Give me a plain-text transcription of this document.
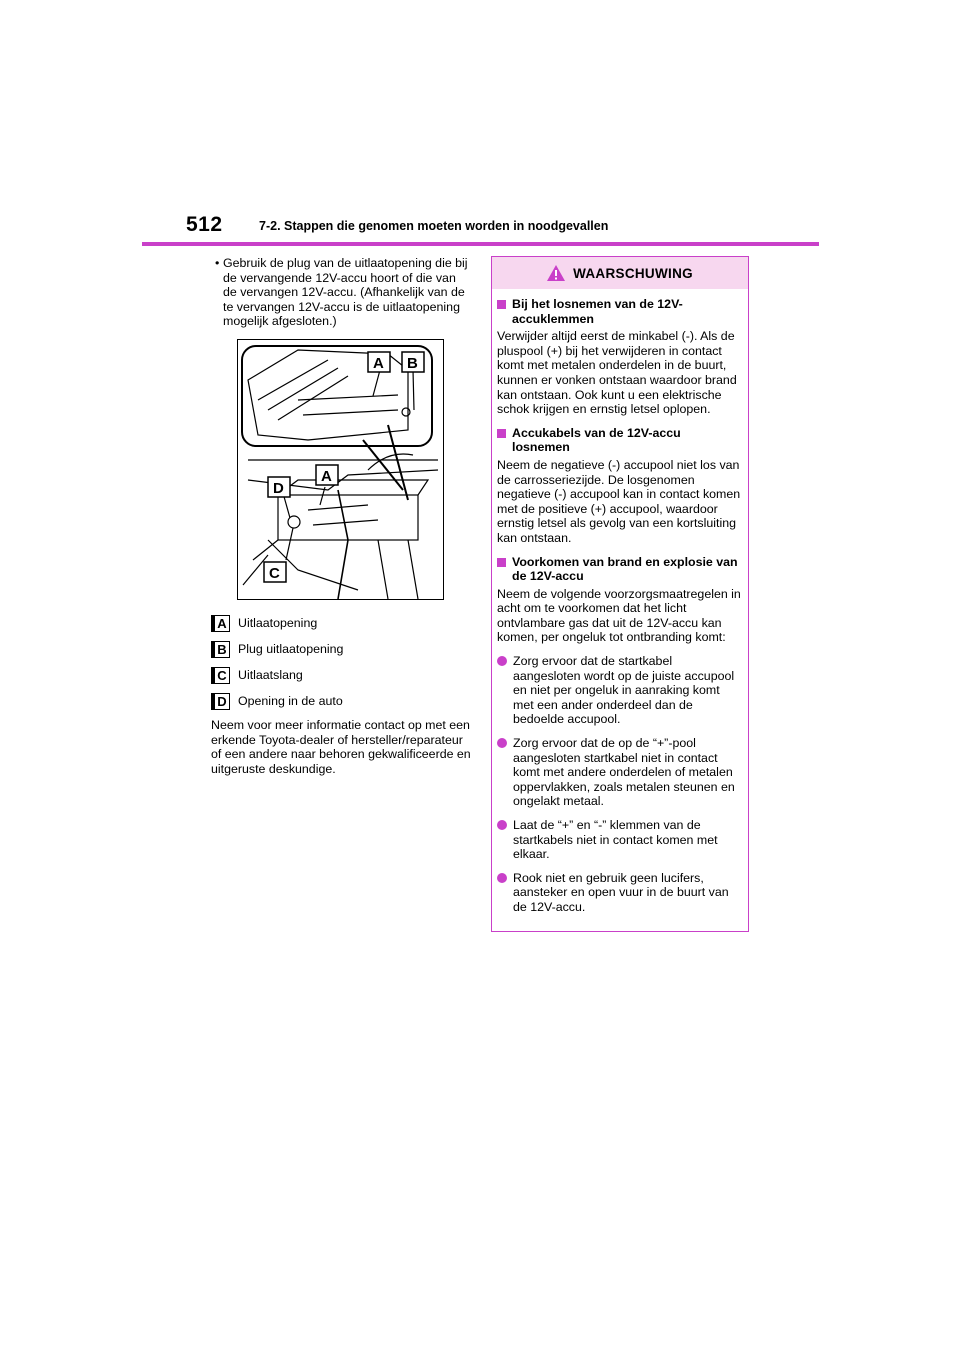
512	7-2. Stappen die genomen moeten worden in noodgevallen
• Gebruik de plug van de uitlaatopening die bij de vervangende 12V-accu hoort of die van de vervangen 12V-accu. (Afhankelijk van de te vervangen 12V-accu is de uitlaatopening mogelijk afgesloten.)
A B
D
A
C
A Uitlaatopening
B Plug uitlaatopening
C Uitlaatslang
D Opening in de auto
Neem voor meer informatie contact op met een erkende Toyota-dealer of hersteller/reparateur of een andere naar behoren gekwalificeerde en uitgeruste deskundige.
WAARSCHUWING
Bij het losnemen van de 12V-accuklemmen
Verwijder altijd eerst de minkabel (-). Als de pluspool (+) bij het verwijderen in contact komt met metalen onderdelen in de buurt, kunnen er vonken ontstaan waardoor brand kan ontstaan. Ook kunt u een elektrische schok krijgen en ernstig letsel oplopen.
Accukabels van de 12V-accu losnemen
Neem de negatieve (-) accupool niet los van de carrosseriezijde. De losgenomen negatieve (-) accupool kan in contact komen met de positieve (+) accupool, waardoor ernstig letsel als gevolg van een kortsluiting kan ontstaan.
Voorkomen van brand en explosie van de 12V-accu
Neem de volgende voorzorgsmaatregelen in acht om te voorkomen dat het licht ontvlambare gas dat uit de 12V-accu kan komen, per ongeluk tot ontbranding komt:
Zorg ervoor dat de startkabel aangesloten wordt op de juiste accupool en niet per ongeluk in aanraking komt met een ander onderdeel dan de bedoelde accupool.
Zorg ervoor dat de op de “+”-pool aangesloten startkabel niet in contact komt met andere onderdelen of metalen oppervlakken, zoals metalen steunen en ongelakt metaal.
Laat de “+” en “-” klemmen van de startkabels niet in contact komen met elkaar.
Rook niet en gebruik geen lucifers, aansteker en open vuur in de buurt van de 12V-accu.
